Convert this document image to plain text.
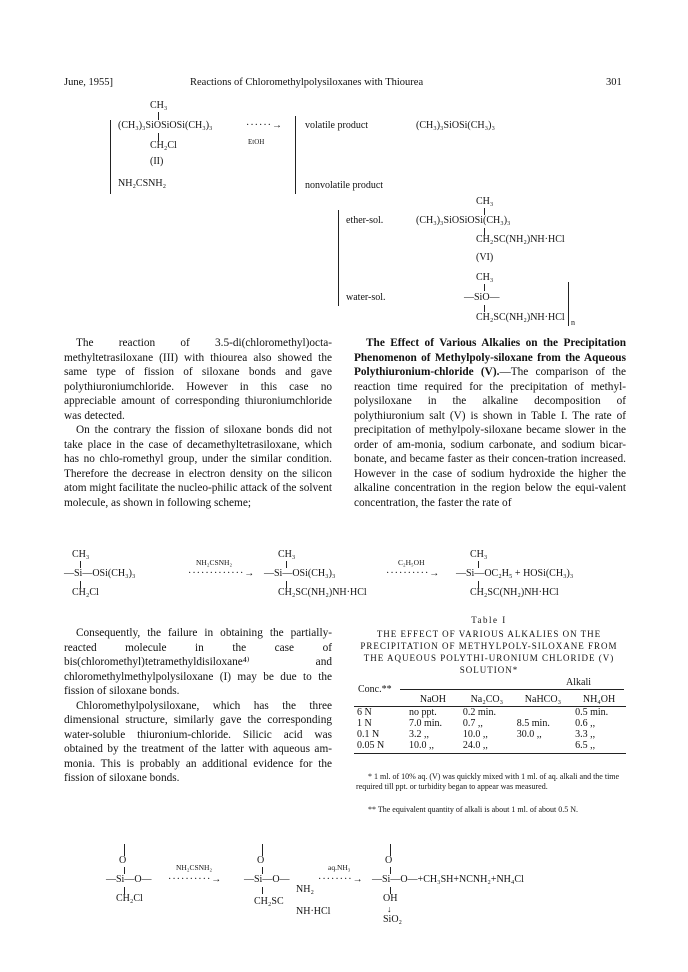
June, 1955]	Reactions of Chloromethylpolysiloxanes with Thiourea	301
CH₃
(CH₃)₃SiOSiOSi(CH₃)₃
CH₂Cl
(II)
NH₂CSNH₂
······→
EtOH
volatile product	(CH₃)₃SiOSi(CH₃)₃
nonvolatile product
CH₃
ether-sol.	(CH₃)₃SiOSiOSi(CH₃)₃
CH₂SC(NH₂)NH·HCl
(VI)
CH₃
water-sol.	—SiO—
CH₂SC(NH₂)NH·HCl n

The reaction of 3.5-di(chloromethyl)octa-methyltetrasiloxane (III) with thiourea also showed the same type of fission of siloxane bonds and gave polythiuroniumchloride. However in this case no appreciable amount of corresponding thiuroniumchloride was detected.

On the contrary the fission of siloxane bonds did not take place in the case of decamethyltetrasiloxane, which has no chlo-romethyl group, under the similar condition. Therefore the decrease in electron density on the silicon atom might facilitate the nucleo-philic attack of the solvent molecule, as shown in following scheme;

The Effect of Various Alkalies on the Precipitation Phenomenon of Methylpoly-siloxane from the Aqueous Polythiuronium-chloride (V).—The comparison of the reaction time required for the precipitation of methyl-polysiloxane in the alkaline decomposition of polythiuronium salt (V) is shown in Table I. The rate of precipitation of methylpoly-siloxane became slower in the order of am-monia, sodium carbonate, and sodium bicar-bonate, and became faster as their concen-tration increased. However in the case of sodium hydroxide the higher the alkaline concentration in the region below the equi-valent concentration, the faster the rate of

CH₃
—Si—OSi(CH₃)₃
CH₂Cl
NH₂CSNH₂
·············→
CH₃
—Si—OSi(CH₃)₃
CH₂SC(NH₂)NH·HCl
C₂H₅OH
··········→
CH₃
—Si—OC₂H₅ + HOSi(CH₃)₃
CH₂SC(NH₂)NH·HCl

Consequently, the failure in obtaining the partially-reacted molecule in the case of bis(chloromethyl)tetramethyldisiloxane⁴⁾ and chloromethylmethylpolysiloxane (I) may be due to the fission of siloxane bonds.

Chloromethylpolysiloxane, which has the three dimensional structure, similarly gave the corresponding water-soluble thiuronium-chloride. Silicic acid was obtained by the treatment of the latter with aqueous am-monia. This is probably an additional evidence for the fission of siloxane bonds.

Table I
THE EFFECT OF VARIOUS ALKALIES ON THE PRECIPITATION OF METHYLPOLY-SILOXANE FROM THE AQUEOUS POLYTHI-URONIUM CHLORIDE (V) SOLUTION*
Conc.**
Alkali
	NaOH	Na₂CO₃	NaHCO₃	NH₄OH

6 N	no ppt.	0.2 min.		0.5 min.
1 N	7.0 min.	0.7 ,,	8.5 min.	0.6 ,,
0.1 N	3.2 ,,	10.0 ,,	30.0 ,,	3.3 ,,
0.05 N	10.0 ,,	24.0 ,,		6.5 ,,

* 1 ml. of 10% aq. (V) was quickly mixed with 1 ml. of aq. alkali and the time required till ppt. or turbidity began to appear was measured.
** The equivalent quantity of alkali is about 1 ml. of about 0.5 N.
O
—Si—O—
CH₂Cl
NH₂CSNH₂
··········→
O
—Si—O—
NH₂
CH₂SC
NH·HCl
aq.NH₃
········→
O
—Si—O—+CH₃SH+NCNH₂+NH₄Cl
OH
↓
SiO₂
